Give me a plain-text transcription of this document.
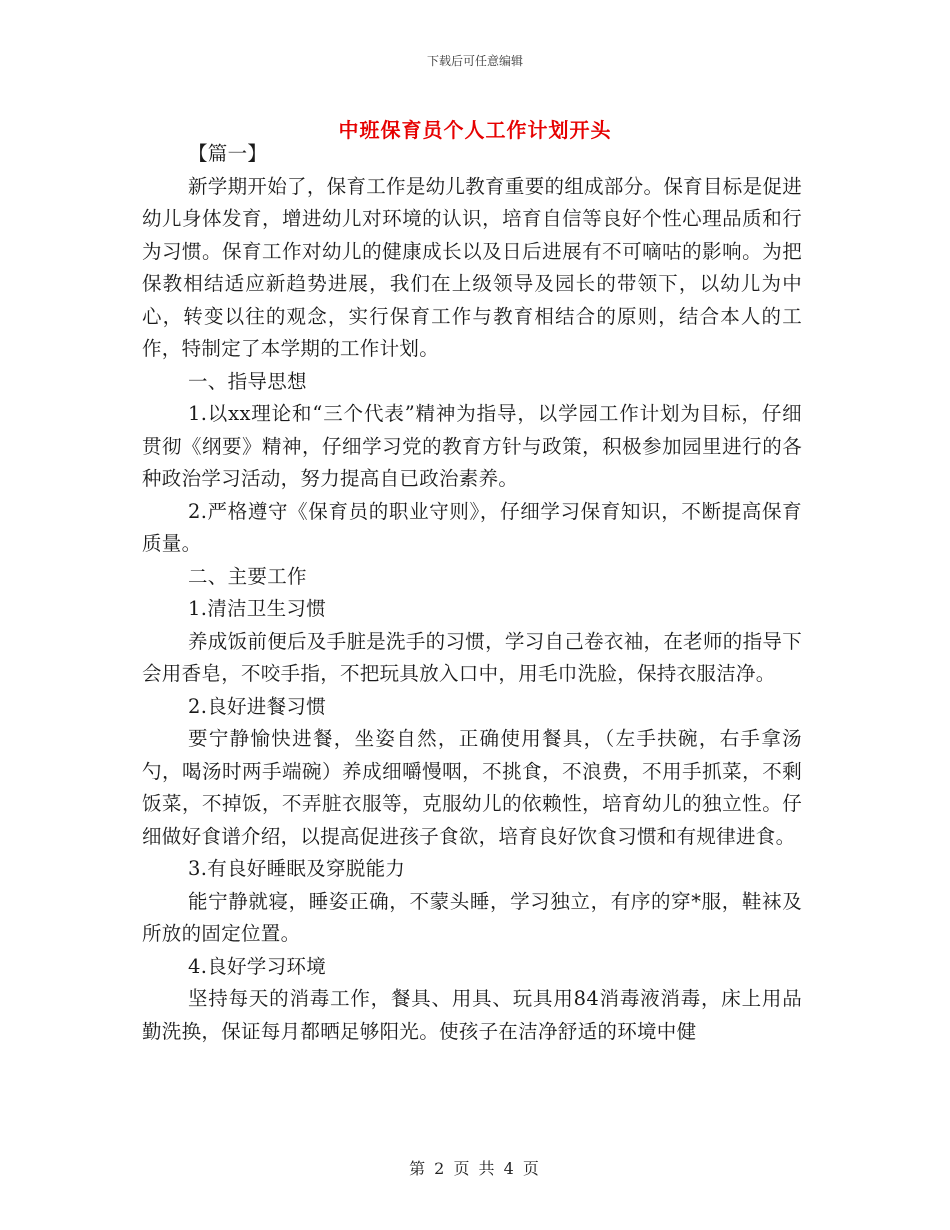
下载后可任意编辑
中班保育员个人工作计划开头

【篇一】

新学期开始了，保育工作是幼儿教育重要的组成部分。保育目标是促进幼儿身体发育，增进幼儿对环境的认识，培育自信等良好个性心理品质和行为习惯。保育工作对幼儿的健康成长以及日后进展有不可嘀咕的影响。为把保教相结适应新趋势进展，我们在上级领导及园长的带领下，以幼儿为中心，转变以往的观念，实行保育工作与教育相结合的原则，结合本人的工作，特制定了本学期的工作计划。

一、指导思想

1.以xx理论和“三个代表”精神为指导，以学园工作计划为目标，仔细贯彻《纲要》精神，仔细学习党的教育方针与政策，积极参加园里进行的各种政治学习活动，努力提高自已政治素养。

2.严格遵守《保育员的职业守则》，仔细学习保育知识，不断提高保育质量。

二、主要工作

1.清洁卫生习惯

养成饭前便后及手脏是洗手的习惯，学习自己卷衣袖，在老师的指导下会用香皂，不咬手指，不把玩具放入口中，用毛巾洗脸，保持衣服洁净。

2.良好进餐习惯

要宁静愉快进餐，坐姿自然，正确使用餐具，（左手扶碗，右手拿汤勺，喝汤时两手端碗）养成细嚼慢咽，不挑食，不浪费，不用手抓菜，不剩饭菜，不掉饭，不弄脏衣服等，克服幼儿的依赖性，培育幼儿的独立性。仔细做好食谱介绍，以提高促进孩子食欲，培育良好饮食习惯和有规律进食。

3.有良好睡眠及穿脱能力

能宁静就寝，睡姿正确，不蒙头睡，学习独立，有序的穿*服，鞋袜及所放的固定位置。

4.良好学习环境

坚持每天的消毒工作，餐具、用具、玩具用84消毒液消毒，床上用品勤洗换，保证每月都晒足够阳光。使孩子在洁净舒适的环境中健

第 2 页 共 4 页
